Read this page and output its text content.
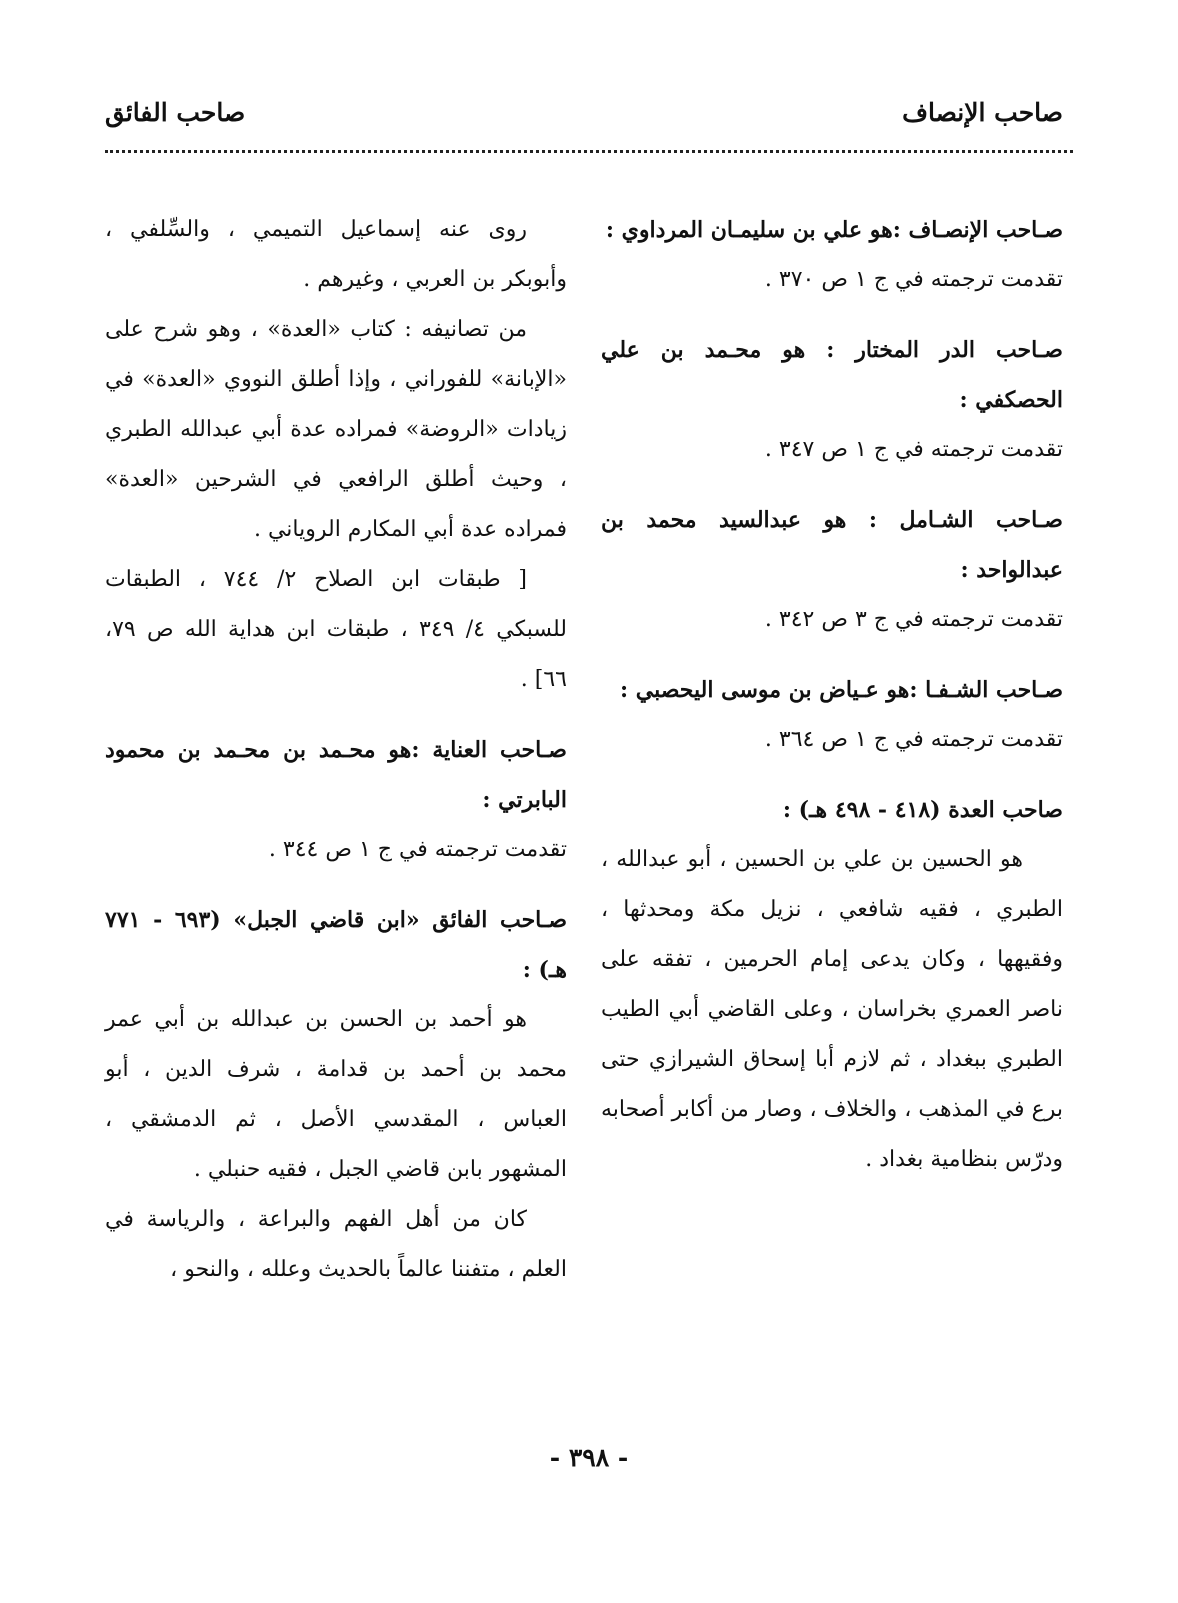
صاحب الإنصاف
صاحب الفائق

صـاحب الإنصـاف :هو علي بن سليمـان المرداوي :

تقدمت ترجمته في ج ١ ص ٣٧٠ .

صـاحب الدر المختار : هو محـمد بن علي الحصكفي :

تقدمت ترجمته في ج ١ ص ٣٤٧ .

صـاحب الشـامل : هو عبدالسيد محمد بن عبدالواحد :

تقدمت ترجمته في ج ٣ ص ٣٤٢ .

صـاحب الشـفـا :هو عـياض بن موسى اليحصبي :

تقدمت ترجمته في ج ١ ص ٣٦٤ .

صاحب العدة (٤١٨ - ٤٩٨ هـ) :

هو الحسين بن علي بن الحسين ، أبو عبدالله ، الطبري ، فقيه شافعي ، نزيل مكة ومحدثها ، وفقيهها ، وكان يدعى إمام الحرمين ، تفقه على ناصر العمري بخراسان ، وعلى القاضي أبي الطيب الطبري ببغداد ، ثم لازم أبا إسحاق الشيرازي حتى برع في المذهب ، والخلاف ، وصار من أكابر أصحابه ودرّس بنظامية بغداد .

روى عنه إسماعيل التميمي ، والسِّلفي ، وأبوبكر بن العربي ، وغيرهم .

من تصانيفه : كتاب «العدة» ، وهو شرح على «الإبانة» للفوراني ، وإذا أطلق النووي «العدة» في زيادات «الروضة» فمراده عدة أبي عبدالله الطبري ، وحيث أطلق الرافعي في الشرحين «العدة» فمراده عدة أبي المكارم الروياني .

[ طبقات ابن الصلاح ٢/ ٧٤٤ ، الطبقات للسبكي ٤/ ٣٤٩ ، طبقات ابن هداية الله ص ٧٩، ٦٦] .

صـاحب العناية :هو محـمد بن محـمد بن محمود البابرتي :

تقدمت ترجمته في ج ١ ص ٣٤٤ .

صـاحب الفائق «ابن قاضي الجبل» (٦٩٣ - ٧٧١ هـ) :

هو أحمد بن الحسن بن عبدالله بن أبي عمر محمد بن أحمد بن قدامة ، شرف الدين ، أبو العباس ، المقدسي الأصل ، ثم الدمشقي ، المشهور بابن قاضي الجبل ، فقيه حنبلي .

كان من أهل الفهم والبراعة ، والرياسة في العلم ، متفننا عالماً بالحديث وعلله ، والنحو ،

- ٣٩٨ -
